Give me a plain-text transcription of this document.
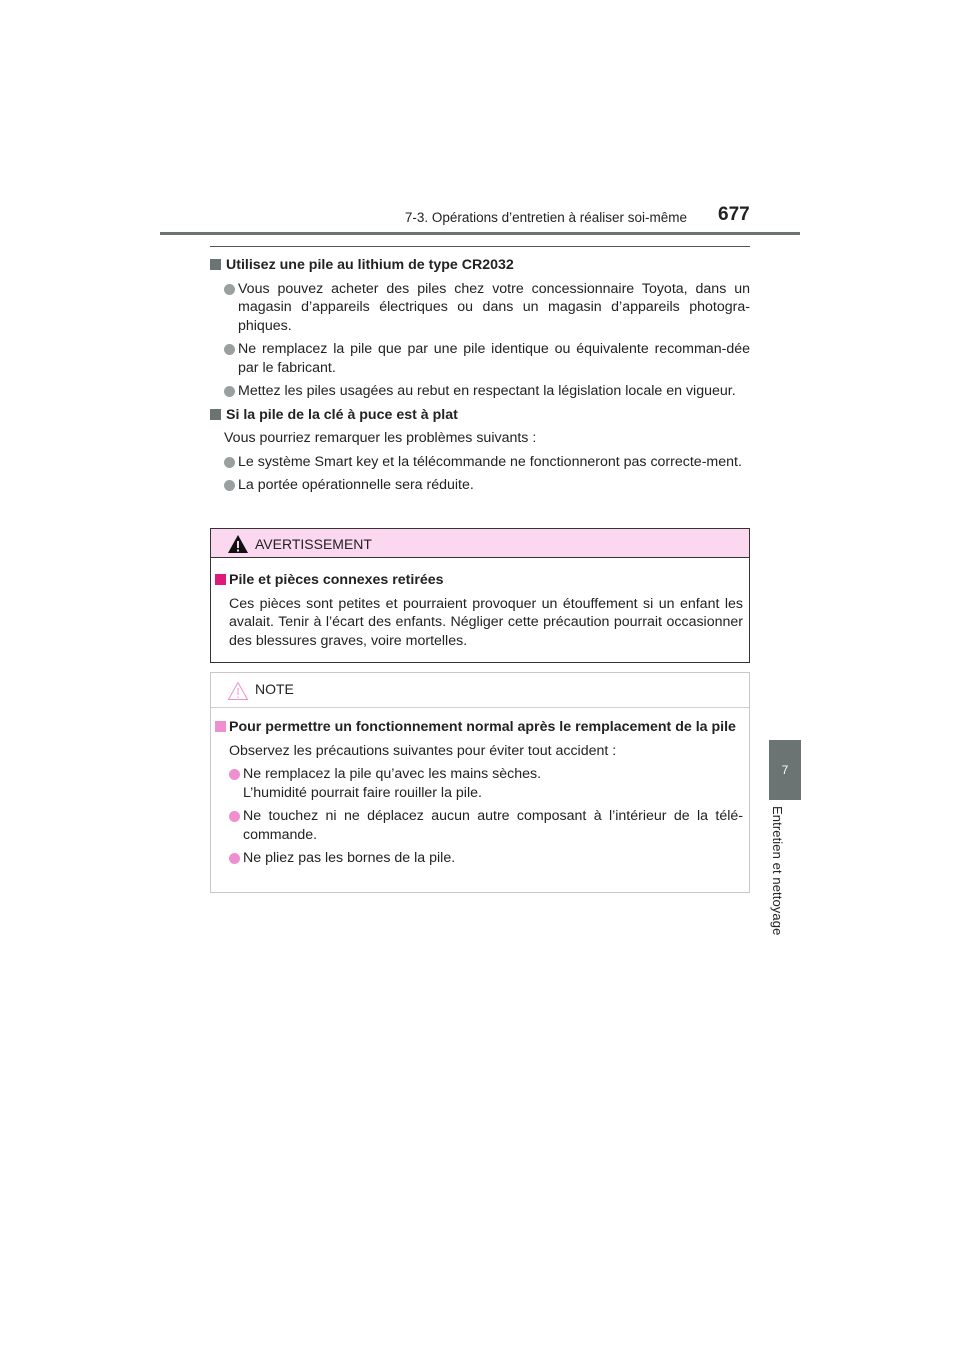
7-3. Opérations d’entretien à réaliser soi-même 677
7
Entretien et nettoyage
Utilisez une pile au lithium de type CR2032
Vous pouvez acheter des piles chez votre concessionnaire Toyota, dans un magasin d’appareils électriques ou dans un magasin d’appareils photogra-phiques.
Ne remplacez la pile que par une pile identique ou équivalente recomman-dée par le fabricant.
Mettez les piles usagées au rebut en respectant la législation locale en vigueur.
Si la pile de la clé à puce est à plat
Vous pourriez remarquer les problèmes suivants :
Le système Smart key et la télécommande ne fonctionneront pas correcte-ment.
La portée opérationnelle sera réduite.
AVERTISSEMENT
Pile et pièces connexes retirées
Ces pièces sont petites et pourraient provoquer un étouffement si un enfant les avalait. Tenir à l’écart des enfants. Négliger cette précaution pourrait occasionner des blessures graves, voire mortelles.
NOTE
Pour permettre un fonctionnement normal après le remplacement de la pile
Observez les précautions suivantes pour éviter tout accident :
Ne remplacez la pile qu’avec les mains sèches.
L’humidité pourrait faire rouiller la pile.
Ne touchez ni ne déplacez aucun autre composant à l’intérieur de la télé-commande.
Ne pliez pas les bornes de la pile.
